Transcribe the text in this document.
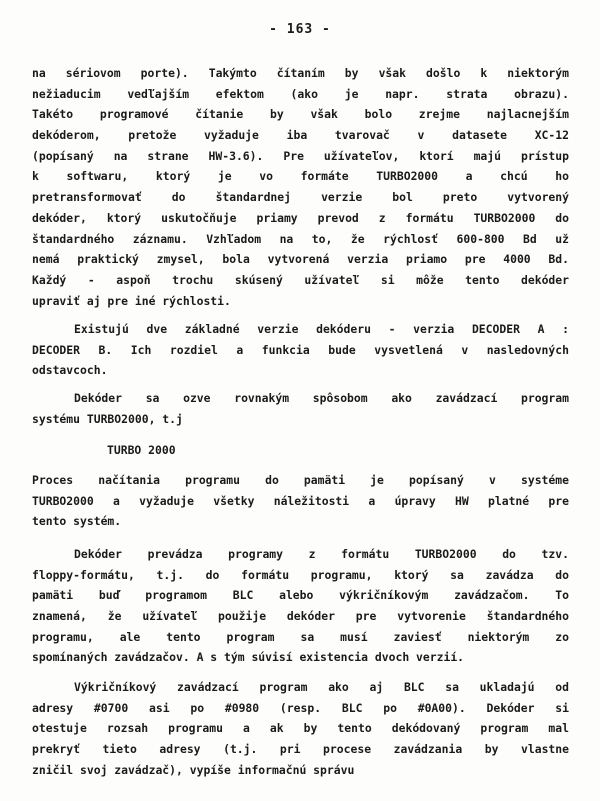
- 163 -
na sériovom porte). Takýmto čítaním by však došlo k niektorým
nežiaducim vedľajším efektom (ako je napr. strata obrazu).
Takéto programové čítanie by však bolo zrejme najlacnejším
dekóderom, pretože vyžaduje iba tvarovač v datasete XC-12
(popísaný na strane HW-3.6). Pre užívateľov, ktorí majú prístup
k softwaru, ktorý je vo formáte TURBO2000 a chcú ho
pretransformovať do štandardnej verzie bol preto vytvorený
dekóder, ktorý uskutočňuje priamy prevod z formátu TURBO2000 do
štandardného záznamu. Vzhľadom na to, že rýchlosť 600-800 Bd už
nemá praktický zmysel, bola vytvorená verzia priamo pre 4000 Bd.
Každý - aspoň trochu skúsený užívateľ si môže tento dekóder
upraviť aj pre iné rýchlosti.
Existujú dve základné verzie dekóderu - verzia DECODER A :
DECODER B. Ich rozdiel a funkcia bude vysvetlená v nasledovných
odstavcoch.
Dekóder sa ozve rovnakým spôsobom ako zavádzací program
systému TURBO2000, t.j
TURBO 2000
Proces načítania programu do pamäti je popísaný v systéme
TURBO2000 a vyžaduje všetky náležitosti a úpravy HW platné pre
tento systém.
Dekóder prevádza programy z formátu TURBO2000 do tzv.
floppy-formátu, t.j. do formátu programu, ktorý sa zavádza do
pamäti buď programom BLC alebo výkričníkovým zavádzačom. To
znamená, že užívateľ použije dekóder pre vytvorenie štandardného
programu, ale tento program sa musí zaviesť niektorým zo
spomínaných zavádzačov. A s tým súvisí existencia dvoch verzií.
Výkričníkový zavádzací program ako aj BLC sa ukladajú od
adresy #0700 asi po #0980 (resp. BLC po #0A00). Dekóder si
otestuje rozsah programu a ak by tento dekódovaný program mal
prekryť tieto adresy (t.j. pri procese zavádzania by vlastne
zničil svoj zavádzač), vypíše informačnú správu
